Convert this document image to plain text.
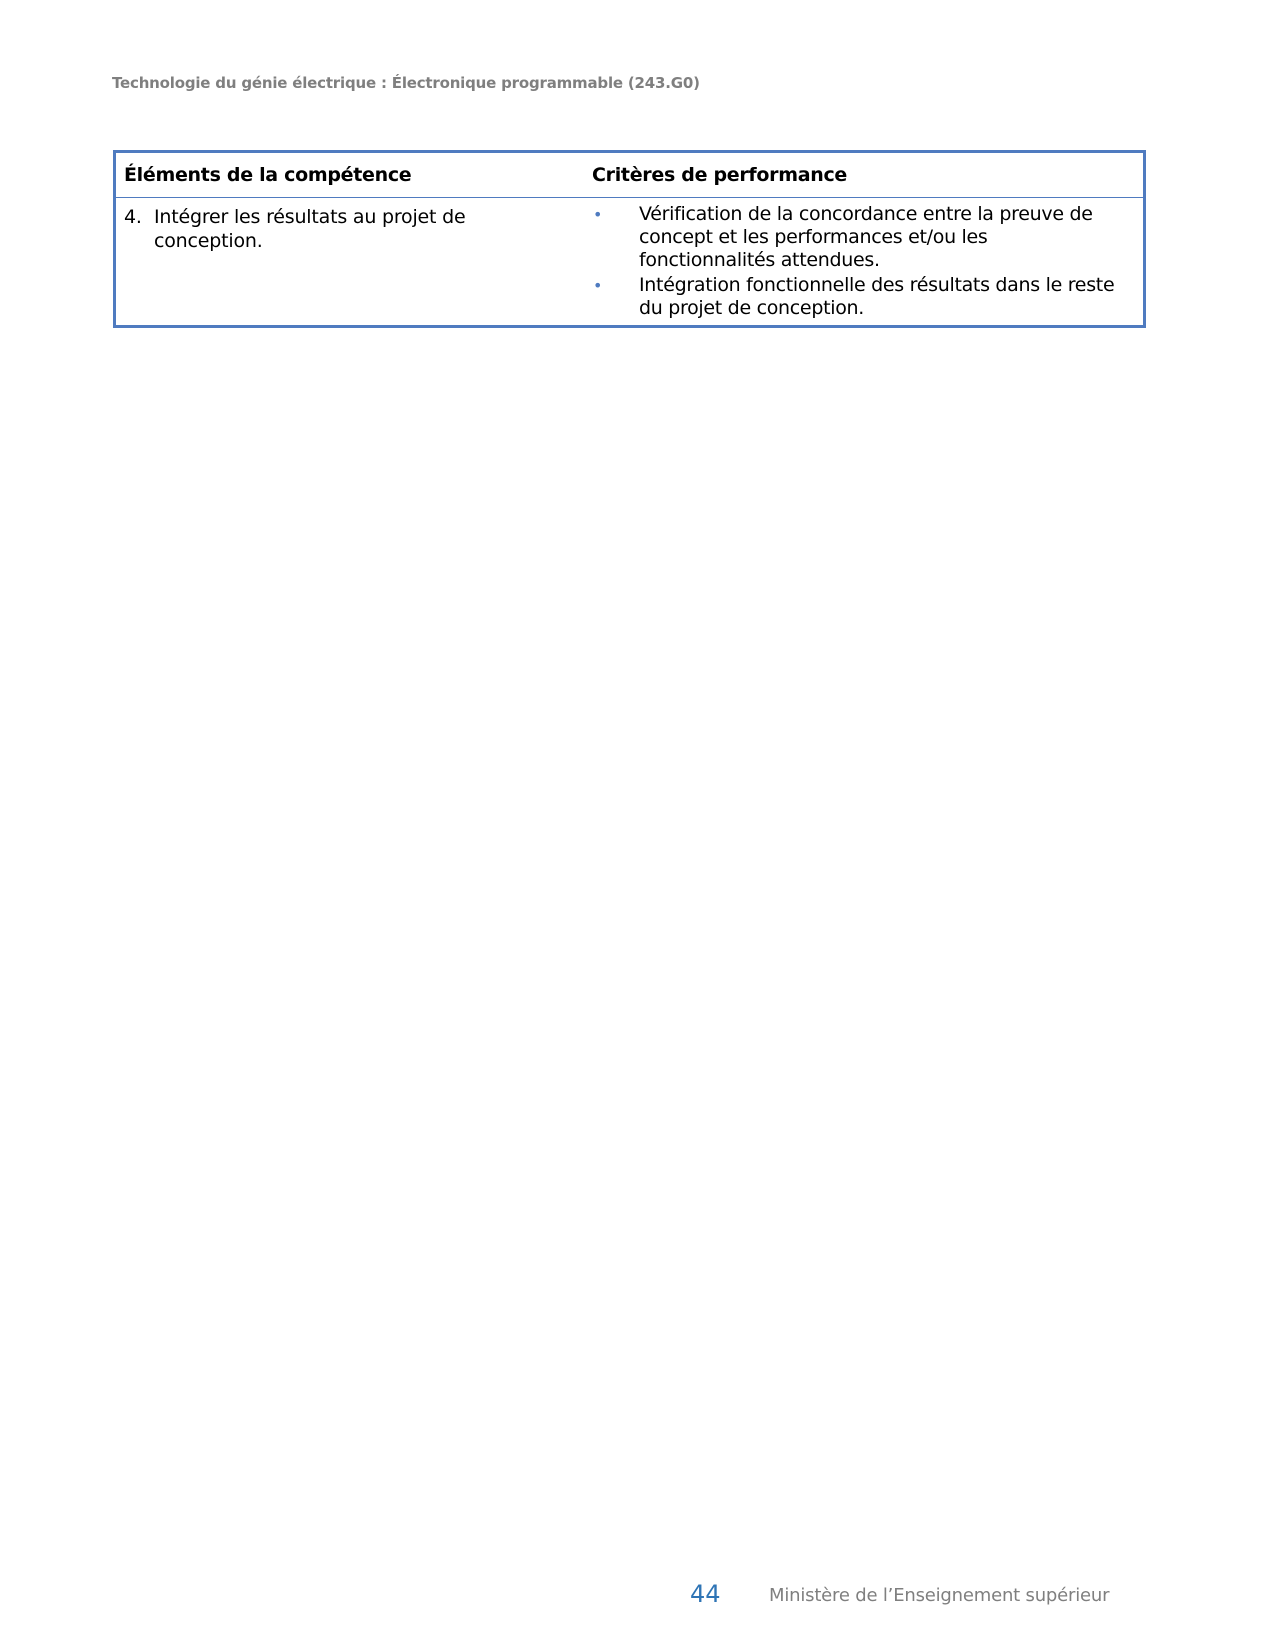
Technologie du génie électrique : Électronique programmable (243.G0)
Éléments de la compétence	Critères de performance
4. Intégrer les résultats au projet de conception.
•	Vérification de la concordance entre la preuve de concept et les performances et/ou les fonctionnalités attendues.
•	Intégration fonctionnelle des résultats dans le reste du projet de conception.
44	Ministère de l’Enseignement supérieur
